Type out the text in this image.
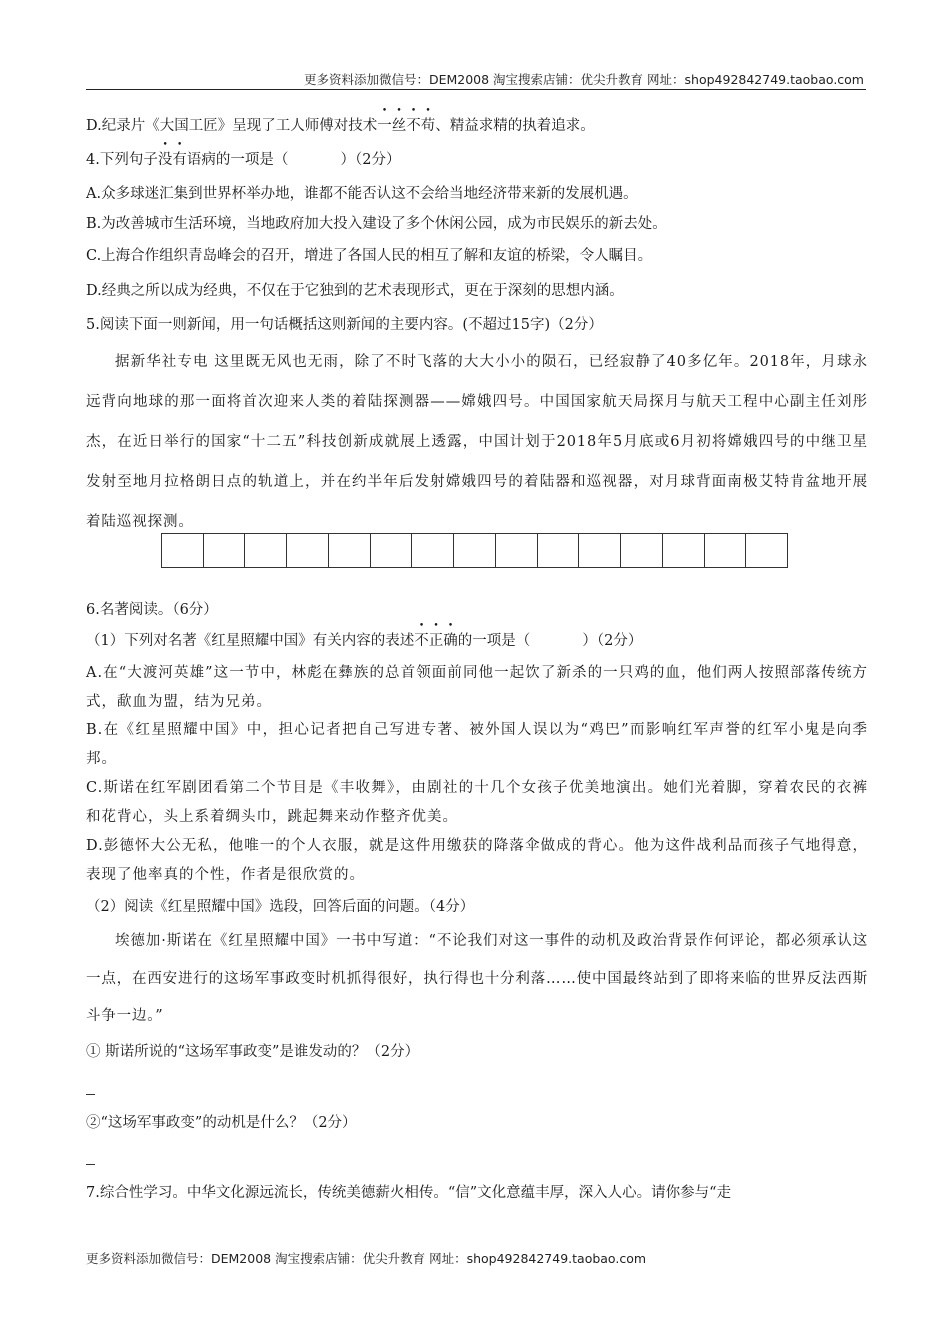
更多资料添加微信号：DEM2008 淘宝搜索店铺：优尖升教育 网址：shop492842749.taobao.com
D.纪录片《大国工匠》呈现了工人师傅对技术一丝不苟、精益求精的执着追求。
4.下列句子没有语病的一项是（	）（2分）
A.众多球迷汇集到世界杯举办地，谁都不能否认这不会给当地经济带来新的发展机遇。
B.为改善城市生活环境，当地政府加大投入建设了多个休闲公园，成为市民娱乐的新去处。
C.上海合作组织青岛峰会的召开，增进了各国人民的相互了解和友谊的桥梁，令人瞩目。
D.经典之所以成为经典，不仅在于它独到的艺术表现形式，更在于深刻的思想内涵。
5.阅读下面一则新闻，用一句话概括这则新闻的主要内容。(不超过15字)（2分）
据新华社专电 这里既无风也无雨，除了不时飞落的大大小小的陨石，已经寂静了40多亿年。2018年，月球永远背向地球的那一面将首次迎来人类的着陆探测器——嫦娥四号。中国国家航天局探月与航天工程中心副主任刘彤杰，在近日举行的国家“十二五”科技创新成就展上透露，中国计划于2018年5月底或6月初将嫦娥四号的中继卫星发射至地月拉格朗日点的轨道上，并在约半年后发射嫦娥四号的着陆器和巡视器，对月球背面南极艾特肯盆地开展着陆巡视探测。
6.名著阅读。（6分）
（1）下列对名著《红星照耀中国》有关内容的表述不正确的一项是（	）（2分）
A.在“大渡河英雄”这一节中，林彪在彝族的总首领面前同他一起饮了新杀的一只鸡的血，他们两人按照部落传统方式，歃血为盟，结为兄弟。
B.在《红星照耀中国》中，担心记者把自己写进专著、被外国人误以为“鸡巴”而影响红军声誉的红军小鬼是向季邦。
C.斯诺在红军剧团看第二个节目是《丰收舞》，由剧社的十几个女孩子优美地演出。她们光着脚，穿着农民的衣裤和花背心，头上系着绸头巾，跳起舞来动作整齐优美。
D.彭德怀大公无私，他唯一的个人衣服，就是这件用缴获的降落伞做成的背心。他为这件战利品而孩子气地得意，表现了他率真的个性，作者是很欣赏的。
（2）阅读《红星照耀中国》选段，回答后面的问题。（4分）
埃德加·斯诺在《红星照耀中国》一书中写道：“不论我们对这一事件的动机及政治背景作何评论，都必须承认这一点，在西安进行的这场军事政变时机抓得很好，执行得也十分利落……使中国最终站到了即将来临的世界反法西斯斗争一边。”
① 斯诺所说的“这场军事政变”是谁发动的？（2分）
②“这场军事政变”的动机是什么？（2分）
7.综合性学习。中华文化源远流长，传统美德薪火相传。“信”文化意蕴丰厚，深入人心。请你参与“走
更多资料添加微信号：DEM2008 淘宝搜索店铺：优尖升教育 网址：shop492842749.taobao.com
